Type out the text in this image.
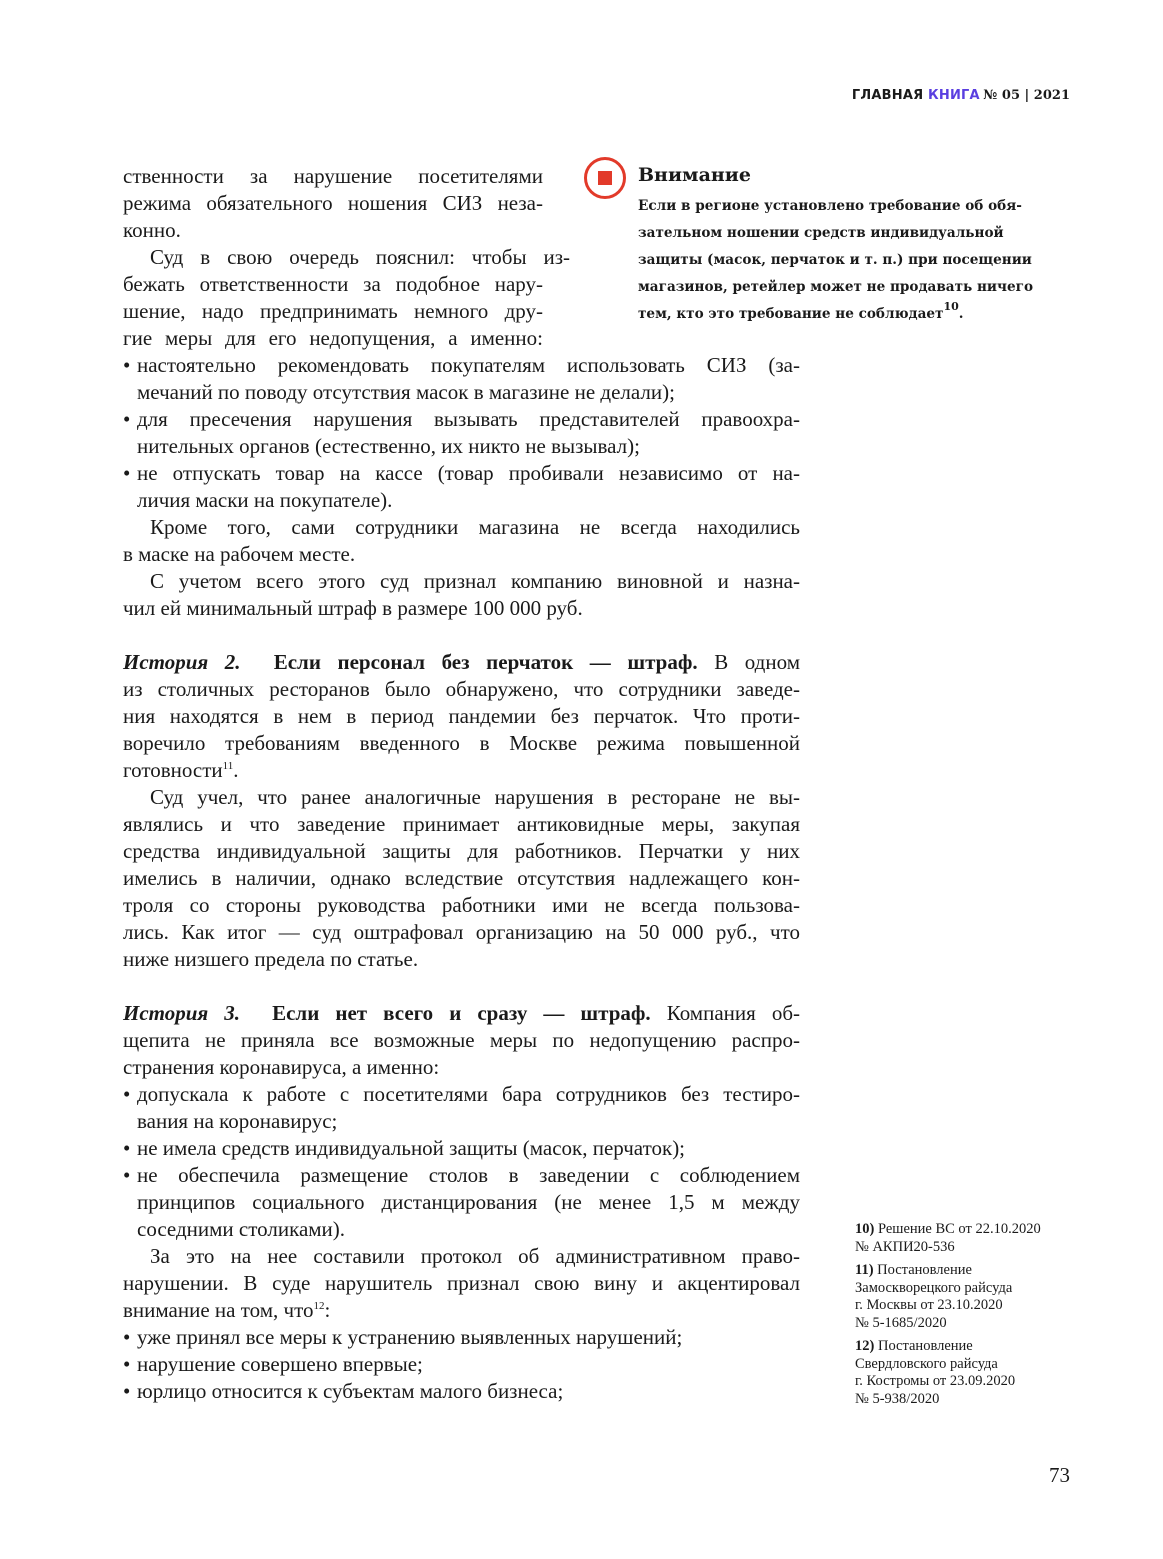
ГЛАВНАЯ КНИГА № 05 | 2021
ственности за нарушение посетителями
режима обязательного ношения СИЗ неза-
конно.
Суд в свою очередь пояснил: чтобы из-
бежать ответственности за подобное нару-
шение, надо предпринимать немного дру-
гие меры для его недопущения, а именно:
• настоятельно рекомендовать покупателям использовать СИЗ (за-
мечаний по поводу отсутствия масок в магазине не делали);
• для пресечения нарушения вызывать представителей правоохра-
нительных органов (естественно, их никто не вызывал);
• не отпускать товар на кассе (товар пробивали независимо от на-
личия маски на покупателе).
Кроме того, сами сотрудники магазина не всегда находились
в маске на рабочем месте.
С учетом всего этого суд признал компанию виновной и назна-
чил ей минимальный штраф в размере 100 000 руб.
История 2. Если персонал без перчаток — штраф. В одном
из столичных ресторанов было обнаружено, что сотрудники заведе-
ния находятся в нем в период пандемии без перчаток. Что проти-
воречило требованиям введенного в Москве режима повышенной
готовности$^{11}$.
Суд учел, что ранее аналогичные нарушения в ресторане не вы-
являлись и что заведение принимает антиковидные меры, закупая
средства индивидуальной защиты для работников. Перчатки у них
имелись в наличии, однако вследствие отсутствия надлежащего кон-
троля со стороны руководства работники ими не всегда пользова-
лись. Как итог — суд оштрафовал организацию на 50 000 руб., что
ниже низшего предела по статье.
История 3. Если нет всего и сразу — штраф. Компания об-
щепита не приняла все возможные меры по недопущению распро-
странения коронавируса, а именно:
• допускала к работе с посетителями бара сотрудников без тестиро-
вания на коронавирус;
• не имела средств индивидуальной защиты (масок, перчаток);
• не обеспечила размещение столов в заведении с соблюдением
принципов социального дистанцирования (не менее 1,5 м между
соседними столиками).
За это на нее составили протокол об административном право-
нарушении. В суде нарушитель признал свою вину и акцентировал
внимание на том, что$^{12}$:
• уже принял все меры к устранению выявленных нарушений;
• нарушение совершено впервые;
• юрлицо относится к субъектам малого бизнеса;
Внимание
Если в регионе установлено требование об обя-
зательном ношении средств индивидуальной
защиты (масок, перчаток и т. п.) при посещении
магазинов, ретейлер может не продавать ничего
тем, кто это требование не соблюдает$^{10}$.
10) Решение ВС от 22.10.2020
№ АКПИ20-536
11) Постановление
Замоскворецкого райсуда
г. Москвы от 23.10.2020
№ 5-1685/2020
12) Постановление
Свердловского райсуда
г. Костромы от 23.09.2020
№ 5-938/2020
73
